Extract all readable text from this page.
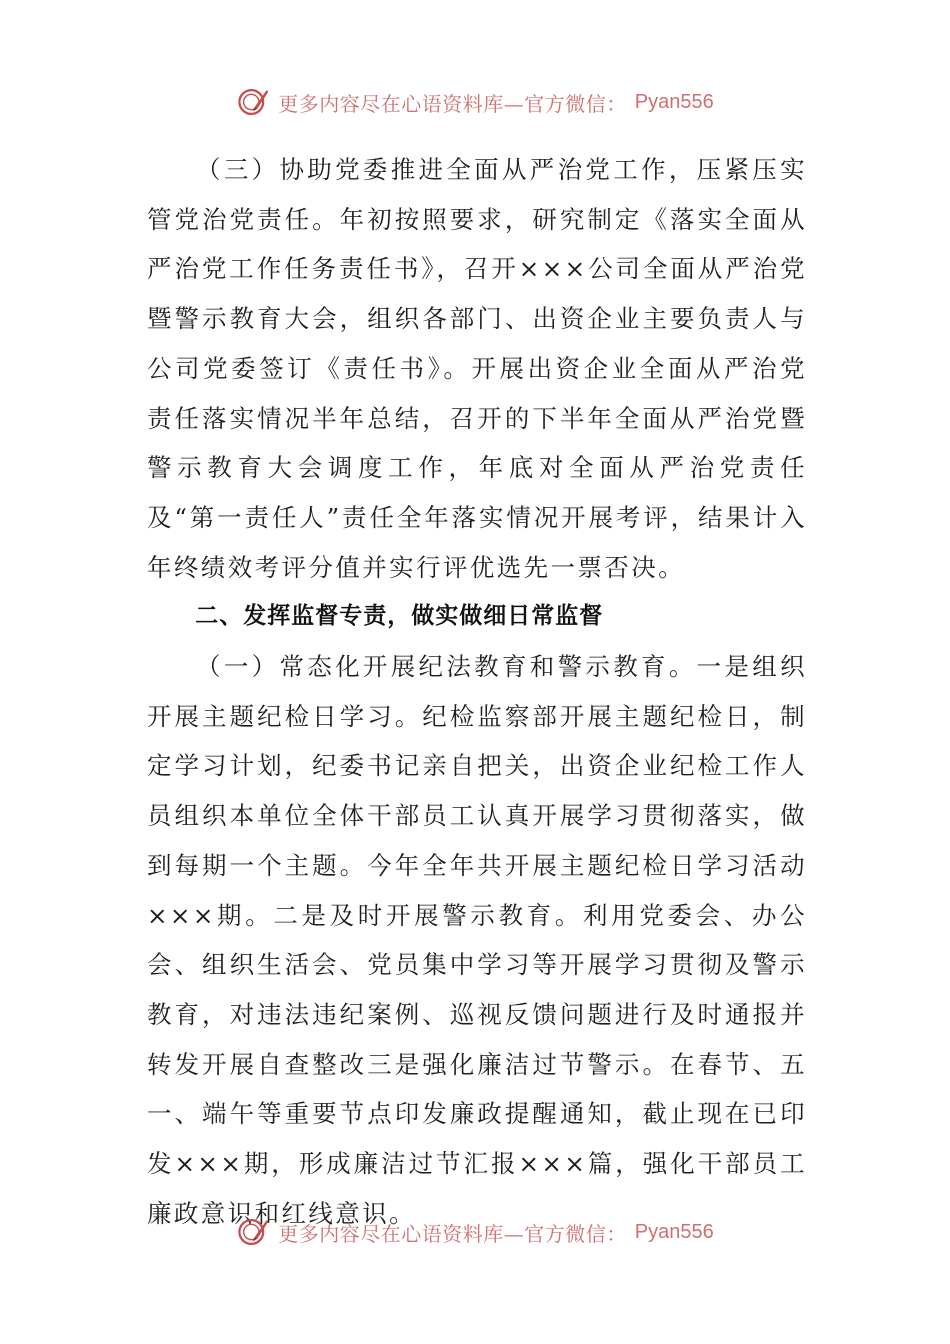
更多内容尽在心语资料库—官方微信： Pyan556

（三）协助党委推进全面从严治党工作，压紧压实管党治党责任。年初按照要求，研究制定《落实全面从严治党工作任务责任书》，召开×××公司全面从严治党暨警示教育大会，组织各部门、出资企业主要负责人与公司党委签订《责任书》。开展出资企业全面从严治党责任落实情况半年总结，召开的下半年全面从严治党暨警示教育大会调度工作，年底对全面从严治党责任及“第一责任人”责任全年落实情况开展考评，结果计入年终绩效考评分值并实行评优选先一票否决。

二、发挥监督专责，做实做细日常监督

（一）常态化开展纪法教育和警示教育。一是组织开展主题纪检日学习。纪检监察部开展主题纪检日，制定学习计划，纪委书记亲自把关，出资企业纪检工作人员组织本单位全体干部员工认真开展学习贯彻落实，做到每期一个主题。今年全年共开展主题纪检日学习活动×××期。二是及时开展警示教育。利用党委会、办公会、组织生活会、党员集中学习等开展学习贯彻及警示教育，对违法违纪案例、巡视反馈问题进行及时通报并转发开展自查整改三是强化廉洁过节警示。在春节、五一、端午等重要节点印发廉政提醒通知，截止现在已印发×××期，形成廉洁过节汇报×××篇，强化干部员工廉政意识和红线意识。

更多内容尽在心语资料库—官方微信： Pyan556
